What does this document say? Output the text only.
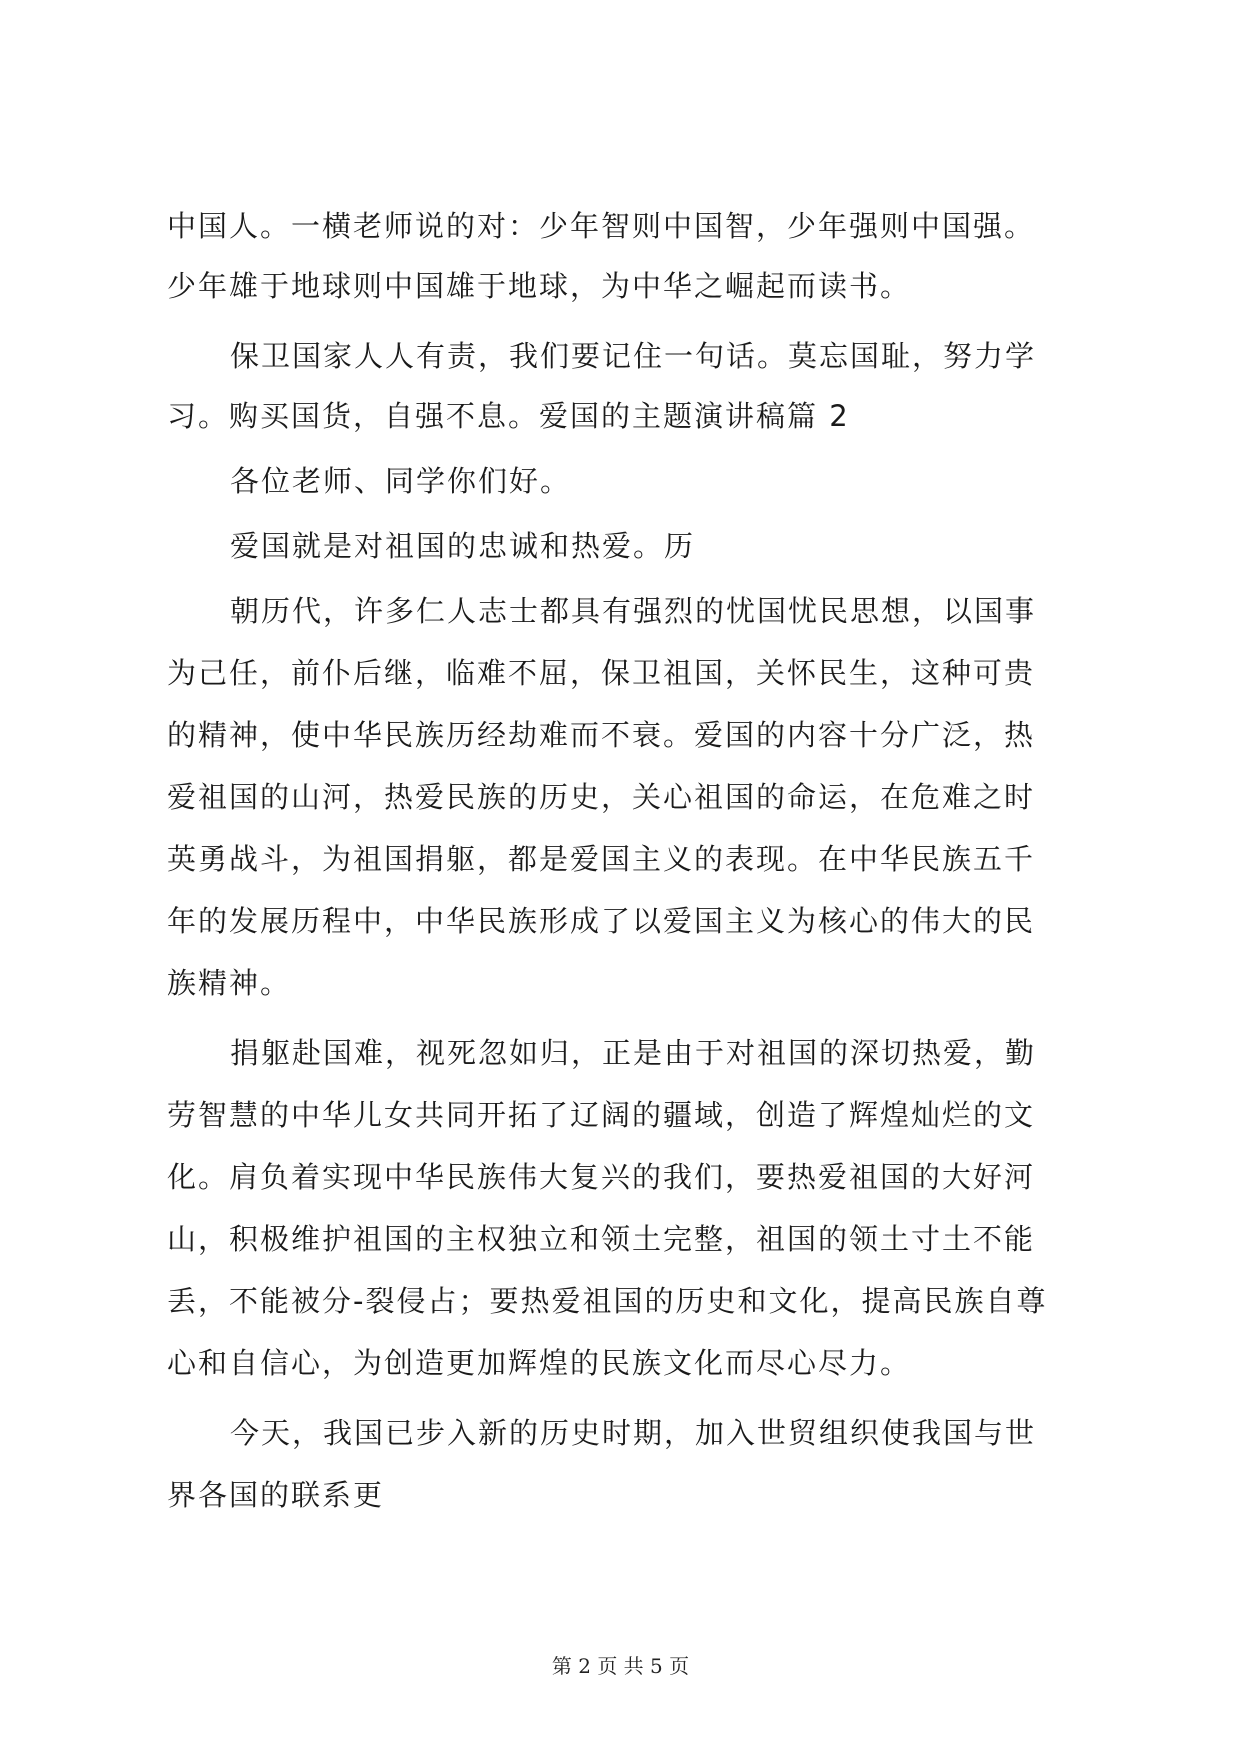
中国人。一横老师说的对：少年智则中国智，少年强则中国强。
少年雄于地球则中国雄于地球，为中华之崛起而读书。
保卫国家人人有责，我们要记住一句话。莫忘国耻，努力学
习。购买国货，自强不息。爱国的主题演讲稿篇 2
各位老师、同学你们好。
爱国就是对祖国的忠诚和热爱。历
朝历代，许多仁人志士都具有强烈的忧国忧民思想，以国事
为己任，前仆后继，临难不屈，保卫祖国，关怀民生，这种可贵
的精神，使中华民族历经劫难而不衰。爱国的内容十分广泛，热
爱祖国的山河，热爱民族的历史，关心祖国的命运，在危难之时
英勇战斗，为祖国捐躯，都是爱国主义的表现。在中华民族五千
年的发展历程中，中华民族形成了以爱国主义为核心的伟大的民
族精神。
捐躯赴国难，视死忽如归，正是由于对祖国的深切热爱，勤
劳智慧的中华儿女共同开拓了辽阔的疆域，创造了辉煌灿烂的文
化。肩负着实现中华民族伟大复兴的我们，要热爱祖国的大好河
山，积极维护祖国的主权独立和领土完整，祖国的领土寸土不能
丢，不能被分-裂侵占；要热爱祖国的历史和文化，提高民族自尊
心和自信心，为创造更加辉煌的民族文化而尽心尽力。
今天，我国已步入新的历史时期，加入世贸组织使我国与世
界各国的联系更
第 2 页 共 5 页
